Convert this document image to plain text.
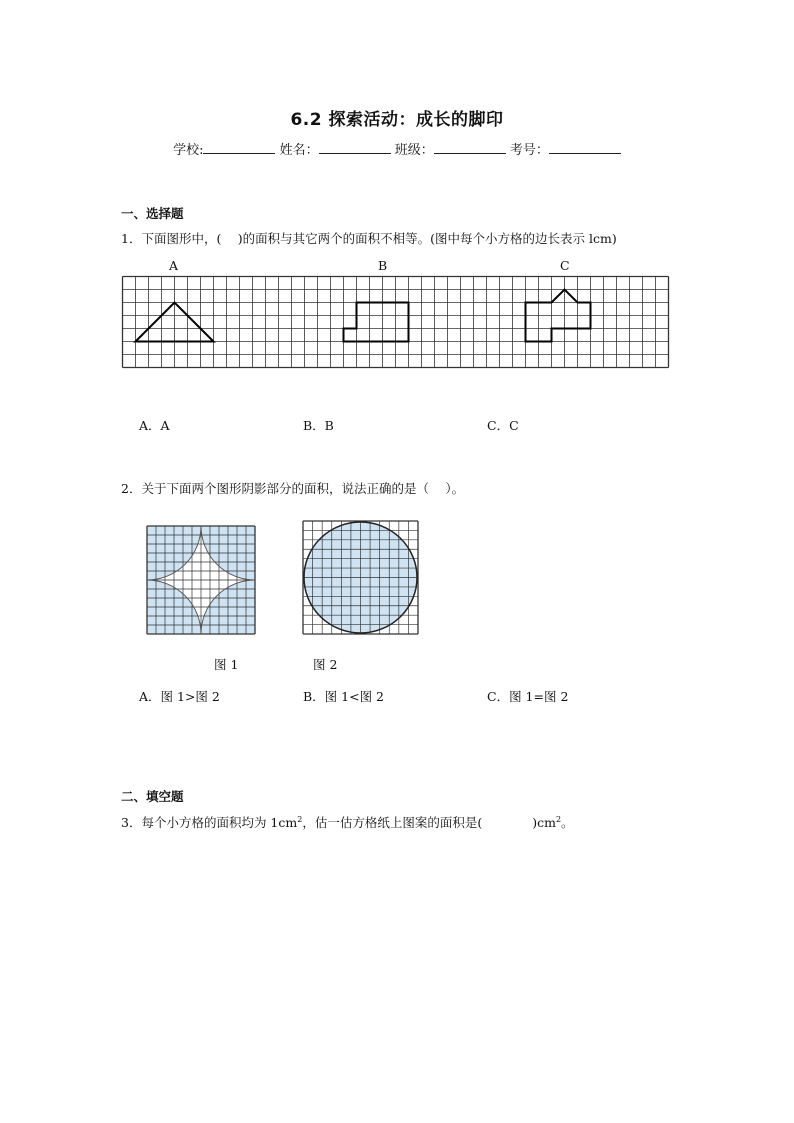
6.2 探索活动：成长的脚印
学校:	姓名：	班级：	考号：
一、选择题
1．下面图形中，(　 )的面积与其它两个的面积不相等。(图中每个小方格的边长表示 lcm)
A	B	C
A．A	B．B	C．C
2．关于下面两个图形阴影部分的面积，说法正确的是（　 ）。
图 1	图 2
A．图 1>图 2	B．图 1<图 2	C．图 1=图 2
二、填空题
3．每个小方格的面积均为 $1cm^2$，估一估方格纸上图案的面积是(　　　　)$cm^2$。
